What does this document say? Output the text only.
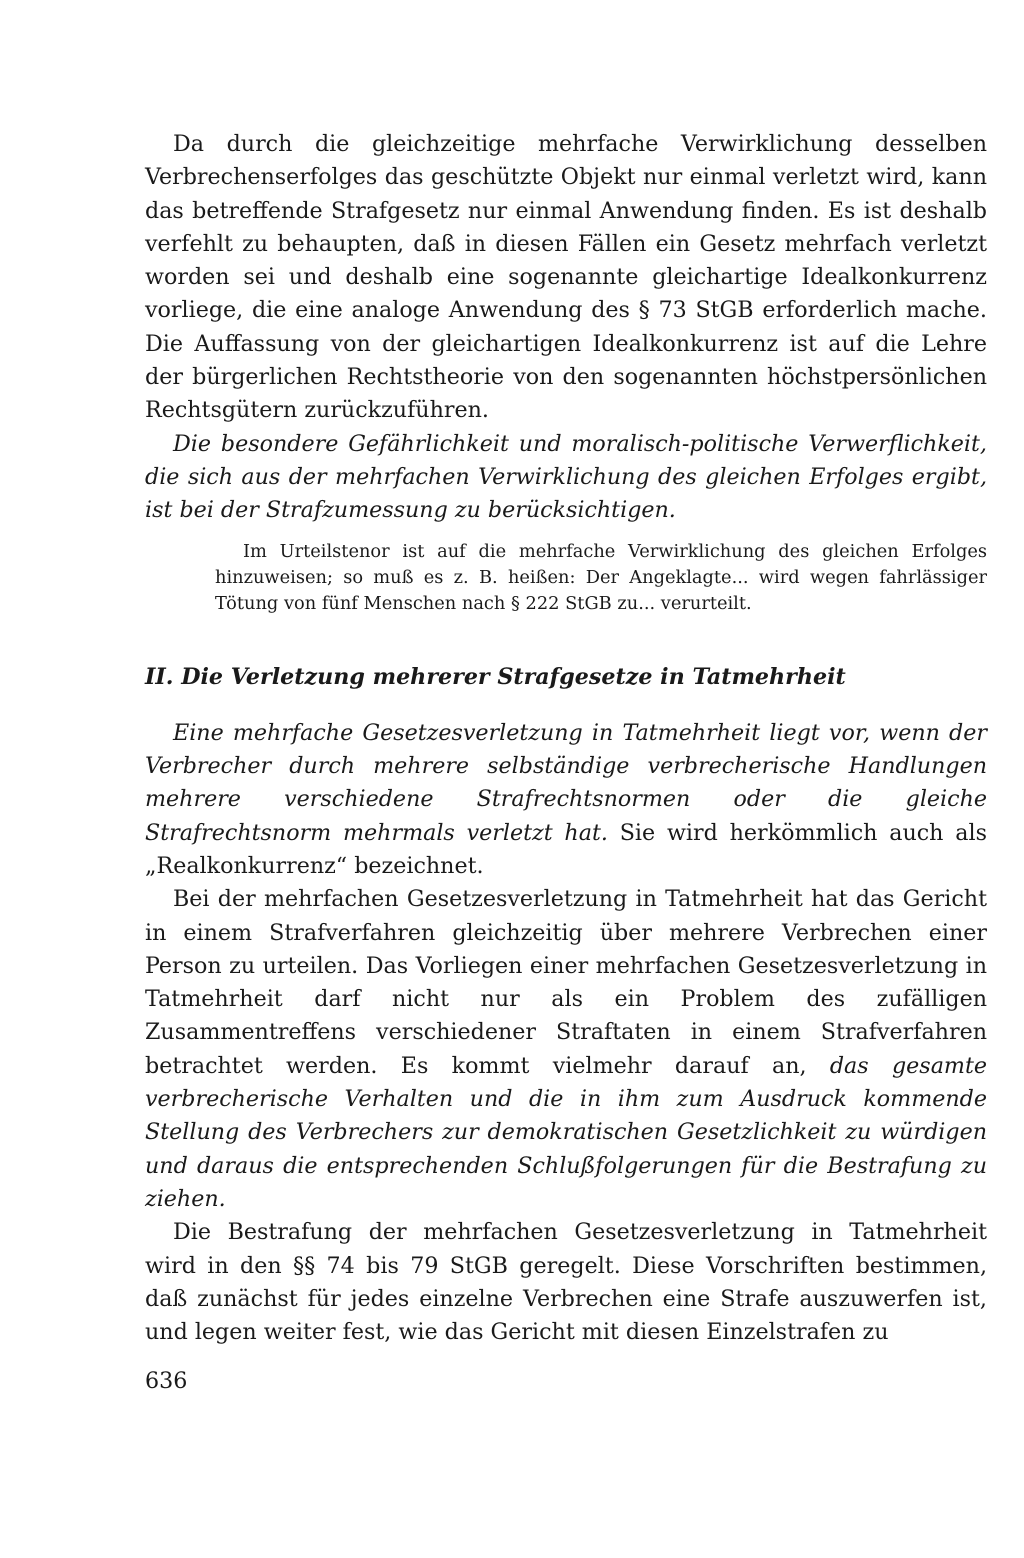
Da durch die gleichzeitige mehrfache Verwirklichung desselben Verbrechenserfolges das geschützte Objekt nur einmal verletzt wird, kann das betreffende Strafgesetz nur einmal Anwendung finden. Es ist deshalb verfehlt zu behaupten, daß in diesen Fällen ein Gesetz mehrfach verletzt worden sei und deshalb eine sogenannte gleichartige Idealkonkurrenz vorliege, die eine analoge Anwendung des § 73 StGB erforderlich mache. Die Auffassung von der gleichartigen Idealkonkurrenz ist auf die Lehre der bürgerlichen Rechtstheorie von den sogenannten höchstpersönlichen Rechtsgütern zurückzuführen.

Die besondere Gefährlichkeit und moralisch-politische Verwerflichkeit, die sich aus der mehrfachen Verwirklichung des gleichen Erfolges ergibt, ist bei der Strafzumessung zu berücksichtigen.

Im Urteilstenor ist auf die mehrfache Verwirklichung des gleichen Erfolges hinzuweisen; so muß es z. B. heißen: Der Angeklagte... wird wegen fahrlässiger Tötung von fünf Menschen nach § 222 StGB zu... verurteilt.

II. Die Verletzung mehrerer Strafgesetze in Tatmehrheit

Eine mehrfache Gesetzesverletzung in Tatmehrheit liegt vor, wenn der Verbrecher durch mehrere selbständige verbrecherische Handlungen mehrere verschiedene Strafrechtsnormen oder die gleiche Strafrechtsnorm mehrmals verletzt hat. Sie wird herkömmlich auch als „Realkonkurrenz“ bezeichnet.

Bei der mehrfachen Gesetzesverletzung in Tatmehrheit hat das Gericht in einem Strafverfahren gleichzeitig über mehrere Verbrechen einer Person zu urteilen. Das Vorliegen einer mehrfachen Gesetzesverletzung in Tatmehrheit darf nicht nur als ein Problem des zufälligen Zusammentreffens verschiedener Straftaten in einem Strafverfahren betrachtet werden. Es kommt vielmehr darauf an, das gesamte verbrecherische Verhalten und die in ihm zum Ausdruck kommende Stellung des Verbrechers zur demokratischen Gesetzlichkeit zu würdigen und daraus die entsprechenden Schlußfolgerungen für die Bestrafung zu ziehen.

Die Bestrafung der mehrfachen Gesetzesverletzung in Tatmehrheit wird in den §§ 74 bis 79 StGB geregelt. Diese Vorschriften bestimmen, daß zunächst für jedes einzelne Verbrechen eine Strafe auszuwerfen ist, und legen weiter fest, wie das Gericht mit diesen Einzelstrafen zu

636
